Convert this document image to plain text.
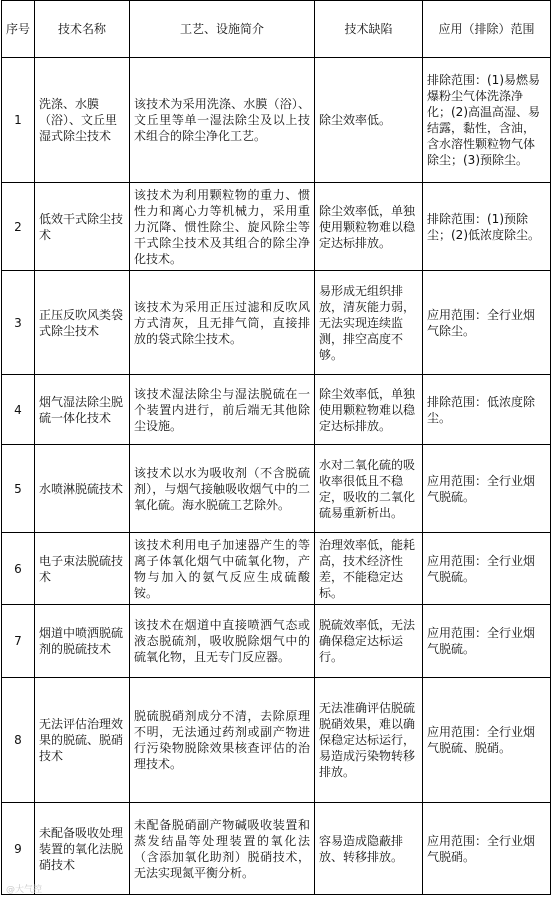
序号	技术名称	工艺、设施简介	技术缺陷	应用（排除）范围
1	洗涤、水膜（浴）、文丘里湿式除尘技术	该技术为采用洗涤、水膜（浴）、文丘里等单一湿法除尘及以上技术组合的除尘净化工艺。	除尘效率低。	排除范围：(1)易燃易爆粉尘气体洗涤净化；(2)高温高湿、易结露，黏性，含油，含水溶性颗粒物气体除尘；(3)预除尘。
2	低效干式除尘技术	该技术为利用颗粒物的重力、惯性力和离心力等机械力，采用重力沉降、惯性除尘、旋风除尘等干式除尘技术及其组合的除尘净化技术。	除尘效率低，单独使用颗粒物难以稳定达标排放。	排除范围：(1)预除尘；(2)低浓度除尘。
3	正压反吹风类袋式除尘技术	该技术为采用正压过滤和反吹风方式清灰，且无排气筒，直接排放的袋式除尘技术。	易形成无组织排放，清灰能力弱，无法实现连续监测，排空高度不够。	应用范围：全行业烟气除尘。
4	烟气湿法除尘脱硫一体化技术	该技术湿法除尘与湿法脱硫在一个装置内进行，前后端无其他除尘设施。	除尘效率低，单独使用颗粒物难以稳定达标排放。	排除范围：低浓度除尘。
5	水喷淋脱硫技术	该技术以水为吸收剂（不含脱硫剂），与烟气接触吸收烟气中的二氧化硫。海水脱硫工艺除外。	水对二氧化硫的吸收率很低且不稳定，吸收的二氧化硫易重新析出。	应用范围：全行业烟气脱硫。
6	电子束法脱硫技术	该技术利用电子加速器产生的等离子体氧化烟气中硫氧化物，产物与加入的氨气反应生成硫酸铵。	治理效率低，能耗高，技术经济性差，不能稳定达标。	应用范围：全行业烟气脱硫。
7	烟道中喷洒脱硫剂的脱硫技术	该技术在烟道中直接喷洒气态或液态脱硫剂，吸收脱除烟气中的硫氧化物，且无专门反应器。	脱硫效率低，无法确保稳定达标运行。	应用范围：全行业烟气脱硫。
8	无法评估治理效果的脱硫、脱硝技术	脱硫脱硝剂成分不清，去除原理不明，无法通过药剂或副产物进行污染物脱除效果核查评估的治理技术。	无法准确评估脱硫脱硝效果，难以确保稳定达标运行，易造成污染物转移排放。	应用范围：全行业烟气脱硫、脱硝。
9	未配备吸收处理装置的氧化法脱硝技术	未配备脱硝副产物碱吸收装置和蒸发结晶等处理装置的氧化法（含添加氧化助剂）脱硝技术，无法实现氮平衡分析。	容易造成隐蔽排放、转移排放。	应用范围：全行业烟气脱硝。
@大气控
